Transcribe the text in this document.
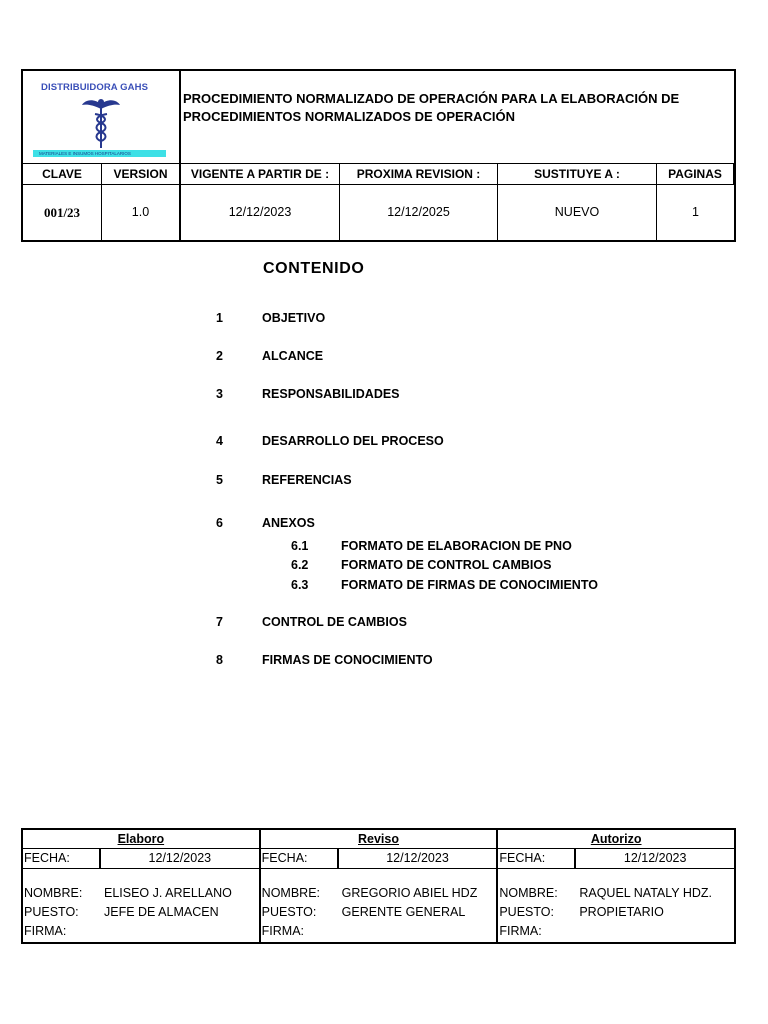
DISTRIBUIDORA GAHS
MATERIALES E INSUMOS HOSPITALARIOS
PROCEDIMIENTO NORMALIZADO DE OPERACIÓN PARA LA ELABORACIÓN DE
PROCEDIMIENTOS NORMALIZADOS DE OPERACIÓN
CLAVE	VERSION	VIGENTE A PARTIR DE :	PROXIMA REVISION :	SUSTITUYE A :	PAGINAS
001/23	1.0	12/12/2023	12/12/2025	NUEVO	1
CONTENIDO
1	OBJETIVO
2	ALCANCE
3	RESPONSABILIDADES
4	DESARROLLO DEL PROCESO
5	REFERENCIAS
6	ANEXOS
6.1	FORMATO DE ELABORACION DE PNO
6.2	FORMATO DE CONTROL CAMBIOS
6.3	FORMATO DE FIRMAS DE CONOCIMIENTO
7	CONTROL DE CAMBIOS
8	FIRMAS DE CONOCIMIENTO
Elaboro
FECHA:	12/12/2023
NOMBRE:	ELISEO J. ARELLANO
PUESTO:	JEFE DE ALMACEN
FIRMA:
Reviso
FECHA:	12/12/2023
NOMBRE:	GREGORIO ABIEL HDZ
PUESTO:	GERENTE GENERAL
FIRMA:
Autorizo
FECHA:	12/12/2023
NOMBRE:	RAQUEL NATALY HDZ.
PUESTO:	PROPIETARIO
FIRMA:
